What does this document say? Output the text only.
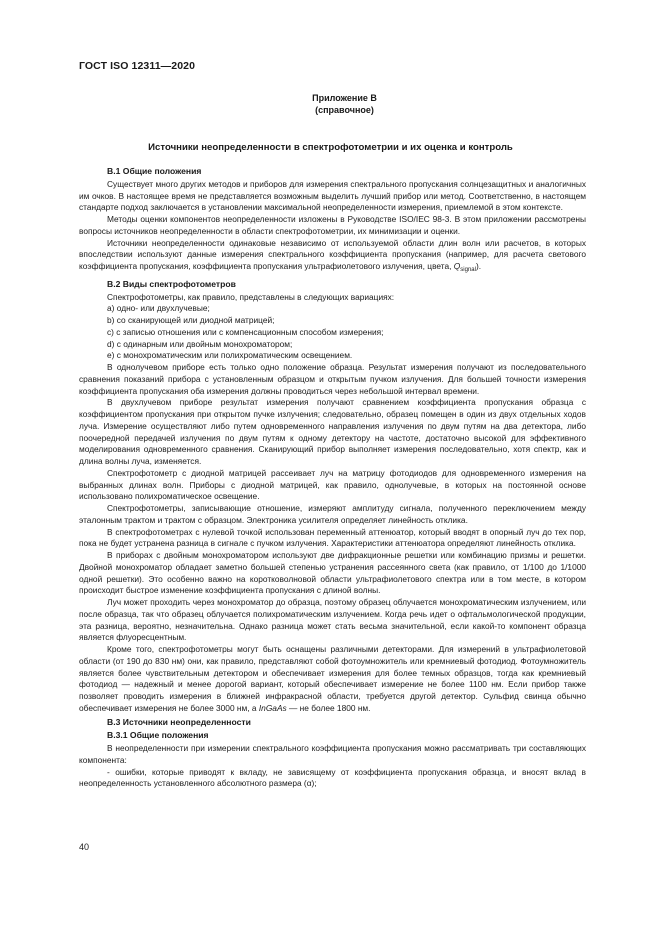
ГОСТ ISO 12311—2020
Приложение В
(справочное)
Источники неопределенности в спектрофотометрии и их оценка и контроль
В.1 Общие положения

Существует много других методов и приборов для измерения спектрального пропускания солнцезащитных и аналогичных им очков. В настоящее время не представляется возможным выделить лучший прибор или метод. Соответственно, в настоящем стандарте подход заключается в установлении максимальной неопределенности измерения, приемлемой в этом контексте.

Методы оценки компонентов неопределенности изложены в Руководстве ISO/IEC 98-3. В этом приложении рассмотрены вопросы источников неопределенности в области спектрофотометрии, их минимизации и оценки.

Источники неопределенности одинаковые независимо от используемой области длин волн или расчетов, в которых впоследствии используют данные измерения спектрального коэффициента пропускания (например, для расчета светового коэффициента пропускания, коэффициента пропускания ультрафиолетового излучения, цвета, $Q_{signal}$).

В.2 Виды спектрофотометров

Спектрофотометры, как правило, представлены в следующих вариациях:

a) одно- или двухлучевые;
b) со сканирующей или диодной матрицей;
c) с записью отношения или с компенсационным способом измерения;
d) с одинарным или двойным монохроматором;
e) с монохроматическим или полихроматическим освещением.

В однолучевом приборе есть только одно положение образца. Результат измерения получают из последовательного сравнения показаний прибора с установленным образцом и открытым пучком излучения. Для большей точности измерения коэффициента пропускания оба измерения должны проводиться через небольшой интервал времени.

В двухлучевом приборе результат измерения получают сравнением коэффициента пропускания образца с коэффициентом пропускания при открытом пучке излучения; следовательно, образец помещен в один из двух отдельных ходов луча. Измерение осуществляют либо путем одновременного направления излучения по двум путям на два детектора, либо поочередной передачей излучения по двум путям к одному детектору на частоте, достаточно высокой для эффективного моделирования одновременного сравнения. Сканирующий прибор выполняет измерения последовательно, хотя спектр, как и длина волны луча, изменяется.

Спектрофотометр с диодной матрицей рассеивает луч на матрицу фотодиодов для одновременного измерения на выбранных длинах волн. Приборы с диодной матрицей, как правило, однолучевые, в которых на постоянной основе использовано полихроматическое освещение.

Спектрофотометры, записывающие отношение, измеряют амплитуду сигнала, полученного переключением между эталонным трактом и трактом с образцом. Электроника усилителя определяет линейность отклика.

В спектрофотометрах с нулевой точкой использован переменный аттенюатор, который вводят в опорный луч до тех пор, пока не будет устранена разница в сигнале с пучком излучения. Характеристики аттенюатора определяют линейность отклика.

В приборах с двойным монохроматором используют две дифракционные решетки или комбинацию призмы и решетки. Двойной монохроматор обладает заметно большей степенью устранения рассеянного света (как правило, от 1/100 до 1/1000 одной решетки). Это особенно важно на коротковолновой области ультрафиолетового спектра или в том месте, в котором происходит быстрое изменение коэффициента пропускания с длиной волны.

Луч может проходить через монохроматор до образца, поэтому образец облучается монохроматическим излучением, или после образца, так что образец облучается полихроматическим излучением. Когда речь идет о офтальмологической продукции, эта разница, вероятно, незначительна. Однако разница может стать весьма значительной, если какой-то компонент образца является флуоресцентным.

Кроме того, спектрофотометры могут быть оснащены различными детекторами. Для измерений в ультрафиолетовой области (от 190 до 830 нм) они, как правило, представляют собой фотоумножитель или кремниевый фотодиод. Фотоумножитель является более чувствительным детектором и обеспечивает измерения для более темных образцов, тогда как кремниевый фотодиод — надежный и менее дорогой вариант, который обеспечивает измерение не более 1100 нм. Если прибор также позволяет проводить измерения в ближней инфракрасной области, требуется другой детектор. Сульфид свинца обычно обеспечивает измерения не более 3000 нм, а InGaAs — не более 1800 нм.

В.3 Источники неопределенности
В.3.1 Общие положения

В неопределенности при измерении спектрального коэффициента пропускания можно рассматривать три составляющих компонента:

- ошибки, которые приводят к вкладу, не зависящему от коэффициента пропускания образца, и вносят вклад в неопределенность установленного абсолютного размера (α);

40
